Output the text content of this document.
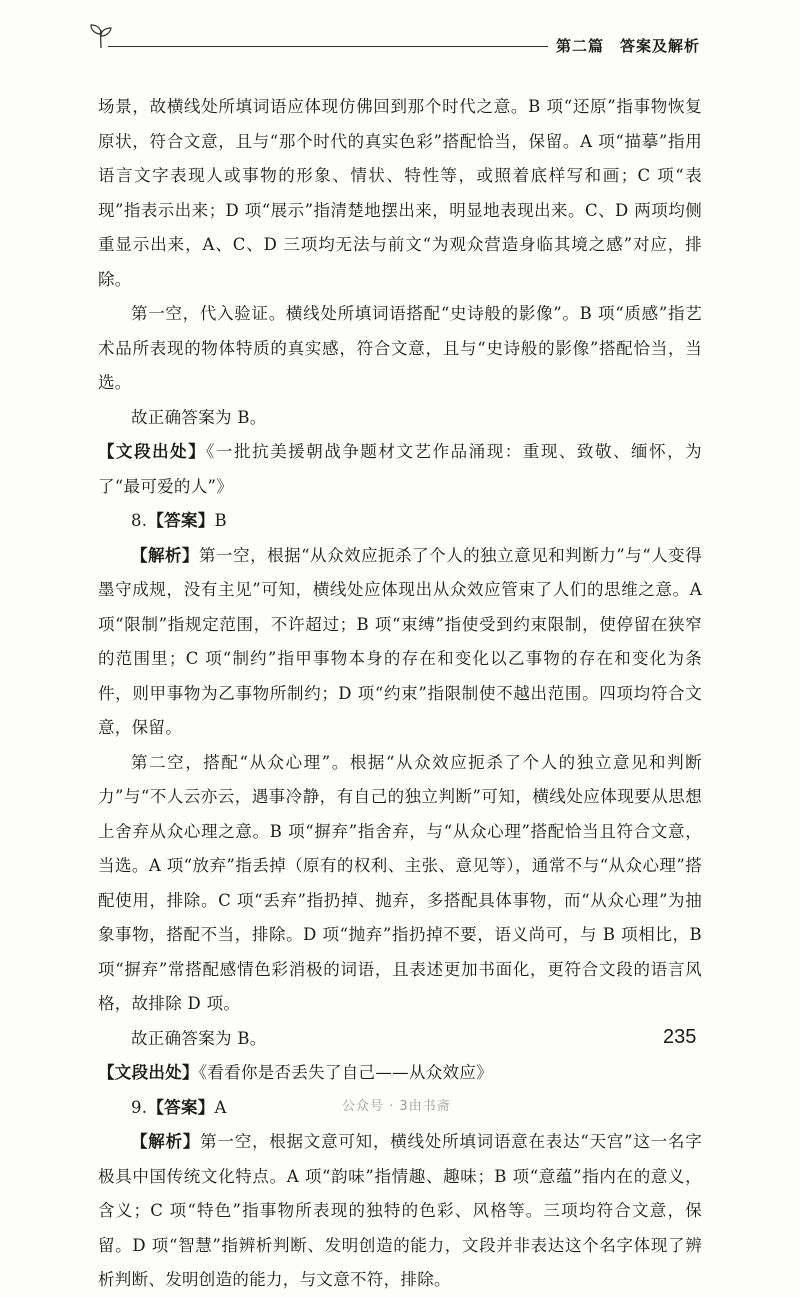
第二篇　答案及解析

场景，故横线处所填词语应体现仿佛回到那个时代之意。B 项“还原”指事物恢复原状，符合文意，且与“那个时代的真实色彩”搭配恰当，保留。A 项“描摹”指用语言文字表现人或事物的形象、情状、特性等，或照着底样写和画；C 项“表现”指表示出来；D 项“展示”指清楚地摆出来，明显地表现出来。C、D 两项均侧重显示出来，A、C、D 三项均无法与前文“为观众营造身临其境之感”对应，排除。

第一空，代入验证。横线处所填词语搭配“史诗般的影像”。B 项“质感”指艺术品所表现的物体特质的真实感，符合文意，且与“史诗般的影像”搭配恰当，当选。

故正确答案为 B。

【文段出处】《一批抗美援朝战争题材文艺作品涌现：重现、致敬、缅怀，为了“最可爱的人”》

8.【答案】B

【解析】第一空，根据“从众效应扼杀了个人的独立意见和判断力”与“人变得墨守成规，没有主见”可知，横线处应体现出从众效应管束了人们的思维之意。A 项“限制”指规定范围，不许超过；B 项“束缚”指使受到约束限制，使停留在狭窄的范围里；C 项“制约”指甲事物本身的存在和变化以乙事物的存在和变化为条件，则甲事物为乙事物所制约；D 项“约束”指限制使不越出范围。四项均符合文意，保留。

第二空，搭配“从众心理”。根据“从众效应扼杀了个人的独立意见和判断力”与“不人云亦云，遇事冷静，有自己的独立判断”可知，横线处应体现要从思想上舍弃从众心理之意。B 项“摒弃”指舍弃，与“从众心理”搭配恰当且符合文意，当选。A 项“放弃”指丢掉（原有的权利、主张、意见等），通常不与“从众心理”搭配使用，排除。C 项“丢弃”指扔掉、抛弃，多搭配具体事物，而“从众心理”为抽象事物，搭配不当，排除。D 项“抛弃”指扔掉不要，语义尚可，与 B 项相比，B 项“摒弃”常搭配感情色彩消极的词语，且表述更加书面化，更符合文段的语言风格，故排除 D 项。

故正确答案为 B。

【文段出处】《看看你是否丢失了自己——从众效应》

9.【答案】A

【解析】第一空，根据文意可知，横线处所填词语意在表达“天宫”这一名字极具中国传统文化特点。A 项“韵味”指情趣、趣味；B 项“意蕴”指内在的意义，含义；C 项“特色”指事物所表现的独特的色彩、风格等。三项均符合文意，保留。D 项“智慧”指辨析判断、发明创造的能力，文段并非表达这个名字体现了辨析判断、发明创造的能力，与文意不符，排除。

235
公众号 · 3由书斋
